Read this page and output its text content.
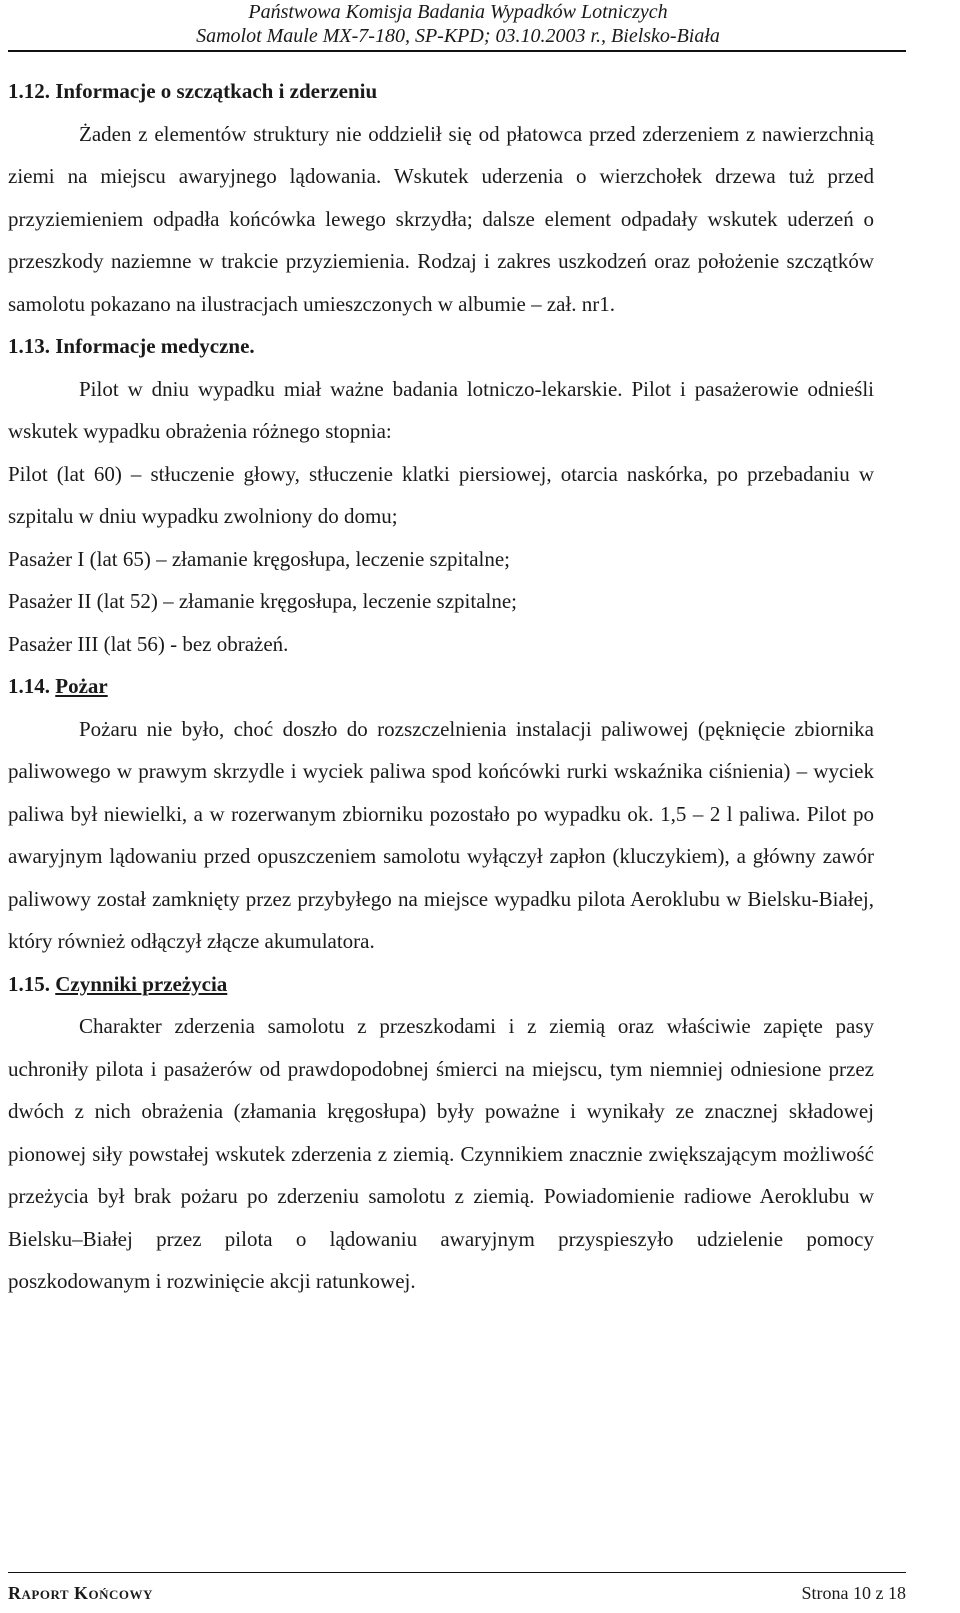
Państwowa Komisja Badania Wypadków Lotniczych
Samolot Maule MX-7-180, SP-KPD; 03.10.2003 r., Bielsko-Biała
1.12. Informacje o szczątkach i zderzeniu

Żaden z elementów struktury nie oddzielił się od płatowca przed zderzeniem z nawierzchnią ziemi na miejscu awaryjnego lądowania. Wskutek uderzenia o wierzchołek drzewa tuż przed przyziemieniem odpadła końcówka lewego skrzydła; dalsze element odpadały wskutek uderzeń o przeszkody naziemne w trakcie przyziemienia. Rodzaj i zakres uszkodzeń oraz położenie szczątków samolotu pokazano na ilustracjach umieszczonych w albumie – zał. nr1.

1.13. Informacje medyczne.

Pilot w dniu wypadku miał ważne badania lotniczo-lekarskie. Pilot i pasażerowie odnieśli wskutek wypadku obrażenia różnego stopnia:

Pilot (lat 60) – stłuczenie głowy, stłuczenie klatki piersiowej, otarcia naskórka, po przebadaniu w szpitalu w dniu wypadku zwolniony do domu;

Pasażer I (lat 65) – złamanie kręgosłupa, leczenie szpitalne;

Pasażer II (lat 52) – złamanie kręgosłupa, leczenie szpitalne;

Pasażer III (lat 56) - bez obrażeń.

1.14. Pożar

Pożaru nie było, choć doszło do rozszczelnienia instalacji paliwowej (pęknięcie zbiornika paliwowego w prawym skrzydle i wyciek paliwa spod końcówki rurki wskaźnika ciśnienia) – wyciek paliwa był niewielki, a w rozerwanym zbiorniku pozostało po wypadku ok. 1,5 – 2 l paliwa. Pilot po awaryjnym lądowaniu przed opuszczeniem samolotu wyłączył zapłon (kluczykiem), a główny zawór paliwowy został zamknięty przez przybyłego na miejsce wypadku pilota Aeroklubu w Bielsku-Białej, który również odłączył złącze akumulatora.

1.15. Czynniki przeżycia

Charakter zderzenia samolotu z przeszkodami i z ziemią oraz właściwie zapięte pasy uchroniły pilota i pasażerów od prawdopodobnej śmierci na miejscu, tym niemniej odniesione przez dwóch z nich obrażenia (złamania kręgosłupa) były poważne i wynikały ze znacznej składowej pionowej siły powstałej wskutek zderzenia z ziemią. Czynnikiem znacznie zwiększającym możliwość przeżycia był brak pożaru po zderzeniu samolotu z ziemią. Powiadomienie radiowe Aeroklubu w Bielsku–Białej przez pilota o lądowaniu awaryjnym przyspieszyło udzielenie pomocy poszkodowanym i rozwinięcie akcji ratunkowej.

Raport Końcowy	Strona 10 z 18
